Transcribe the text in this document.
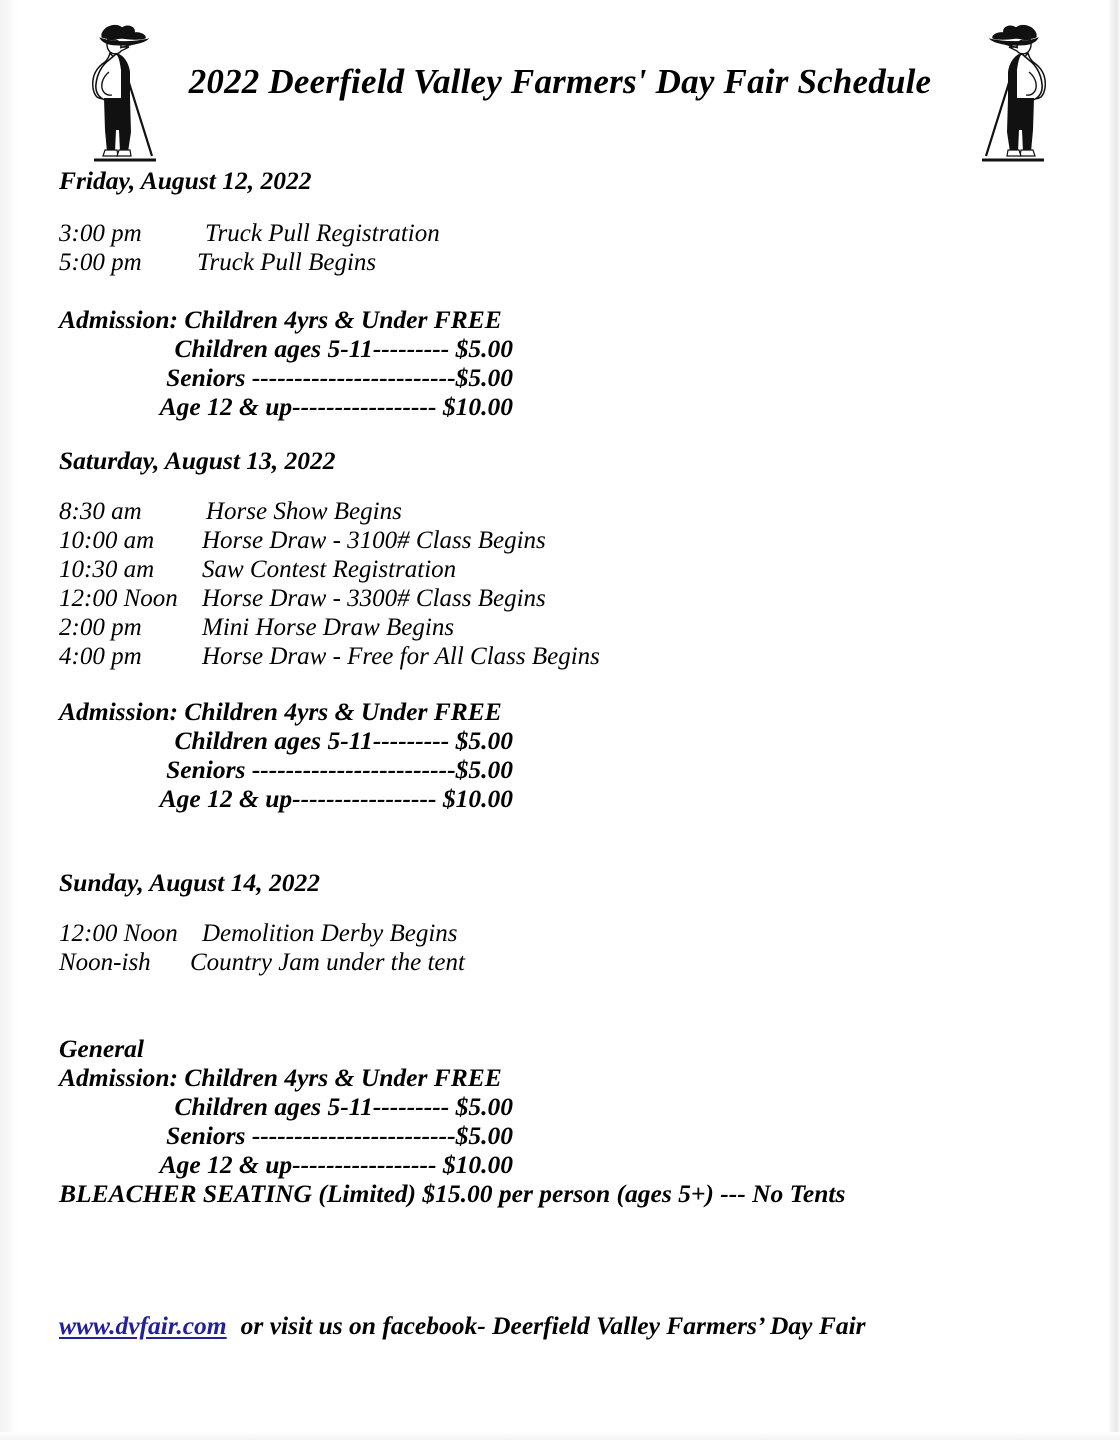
2022 Deerfield Valley Farmers' Day Fair Schedule
Friday, August 12, 2022
3:00 pm	Truck Pull Registration
5:00 pm Truck Pull Begins
Admission: Children 4yrs & Under FREE
Children ages 5-11--------- $5.00
Seniors ------------------------$5.00
Age 12 & up----------------- $10.00
Saturday, August 13, 2022
8:30 am	Horse Show Begins
10:00 am Horse Draw - 3100# Class Begins
10:30 am Saw Contest Registration
12:00 Noon Horse Draw - 3300# Class Begins
2:00 pm Mini Horse Draw Begins
4:00 pm Horse Draw - Free for All Class Begins
Admission: Children 4yrs & Under FREE
Children ages 5-11--------- $5.00
Seniors ------------------------$5.00
Age 12 & up----------------- $10.00
Sunday, August 14, 2022
12:00 Noon Demolition Derby Begins
Noon-ish Country Jam under the tent
General
Admission: Children 4yrs & Under FREE
Children ages 5-11--------- $5.00
Seniors ------------------------$5.00
Age 12 & up----------------- $10.00
BLEACHER SEATING (Limited) $15.00 per person (ages 5+) --- No Tents
www.dvfair.com or visit us on facebook- Deerfield Valley Farmers’ Day Fair
